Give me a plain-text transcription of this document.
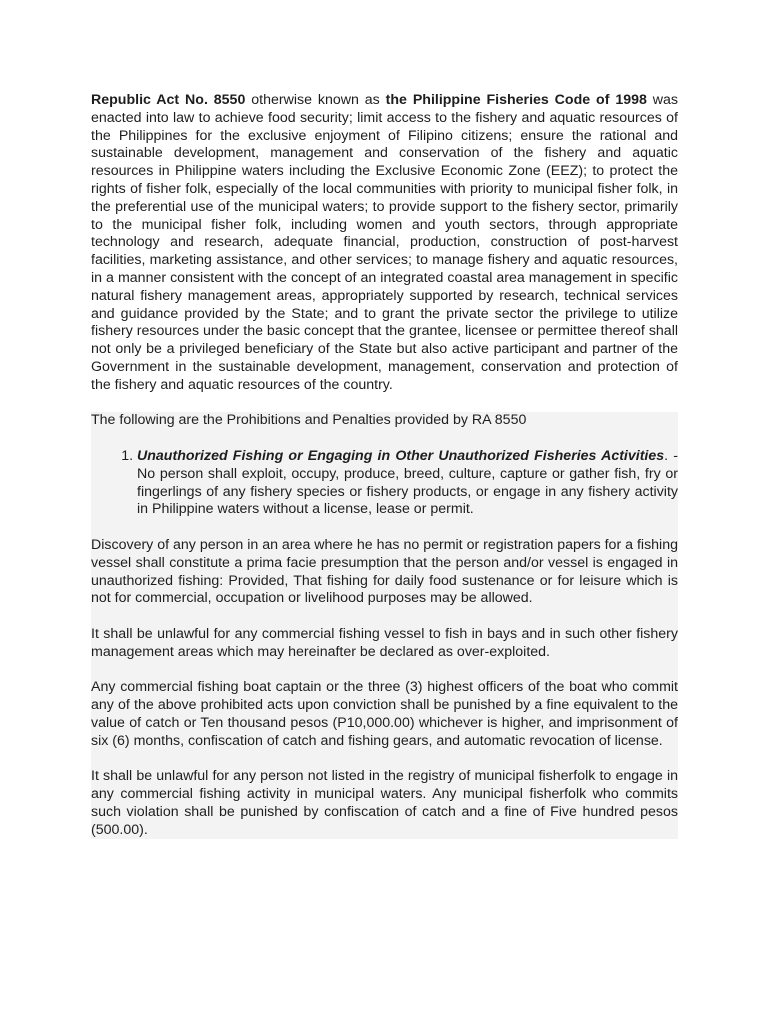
Republic Act No. 8550 otherwise known as the Philippine Fisheries Code of 1998 was enacted into law to achieve food security; limit access to the fishery and aquatic resources of the Philippines for the exclusive enjoyment of Filipino citizens; ensure the rational and sustainable development, management and conservation of the fishery and aquatic resources in Philippine waters including the Exclusive Economic Zone (EEZ); to protect the rights of fisher folk, especially of the local communities with priority to municipal fisher folk, in the preferential use of the municipal waters; to provide support to the fishery sector, primarily to the municipal fisher folk, including women and youth sectors, through appropriate technology and research, adequate financial, production, construction of post-harvest facilities, marketing assistance, and other services; to manage fishery and aquatic resources, in a manner consistent with the concept of an integrated coastal area management in specific natural fishery management areas, appropriately supported by research, technical services and guidance provided by the State; and to grant the private sector the privilege to utilize fishery resources under the basic concept that the grantee, licensee or permittee thereof shall not only be a privileged beneficiary of the State but also active participant and partner of the Government in the sustainable development, management, conservation and protection of the fishery and aquatic resources of the country.

The following are the Prohibitions and Penalties provided by RA 8550

1. Unauthorized Fishing or Engaging in Other Unauthorized Fisheries Activities. - No person shall exploit, occupy, produce, breed, culture, capture or gather fish, fry or fingerlings of any fishery species or fishery products, or engage in any fishery activity in Philippine waters without a license, lease or permit.

Discovery of any person in an area where he has no permit or registration papers for a fishing vessel shall constitute a prima facie presumption that the person and/or vessel is engaged in unauthorized fishing: Provided, That fishing for daily food sustenance or for leisure which is not for commercial, occupation or livelihood purposes may be allowed.

It shall be unlawful for any commercial fishing vessel to fish in bays and in such other fishery management areas which may hereinafter be declared as over-exploited.

Any commercial fishing boat captain or the three (3) highest officers of the boat who commit any of the above prohibited acts upon conviction shall be punished by a fine equivalent to the value of catch or Ten thousand pesos (P10,000.00) whichever is higher, and imprisonment of six (6) months, confiscation of catch and fishing gears, and automatic revocation of license.

It shall be unlawful for any person not listed in the registry of municipal fisherfolk to engage in any commercial fishing activity in municipal waters. Any municipal fisherfolk who commits such violation shall be punished by confiscation of catch and a fine of Five hundred pesos (500.00).
